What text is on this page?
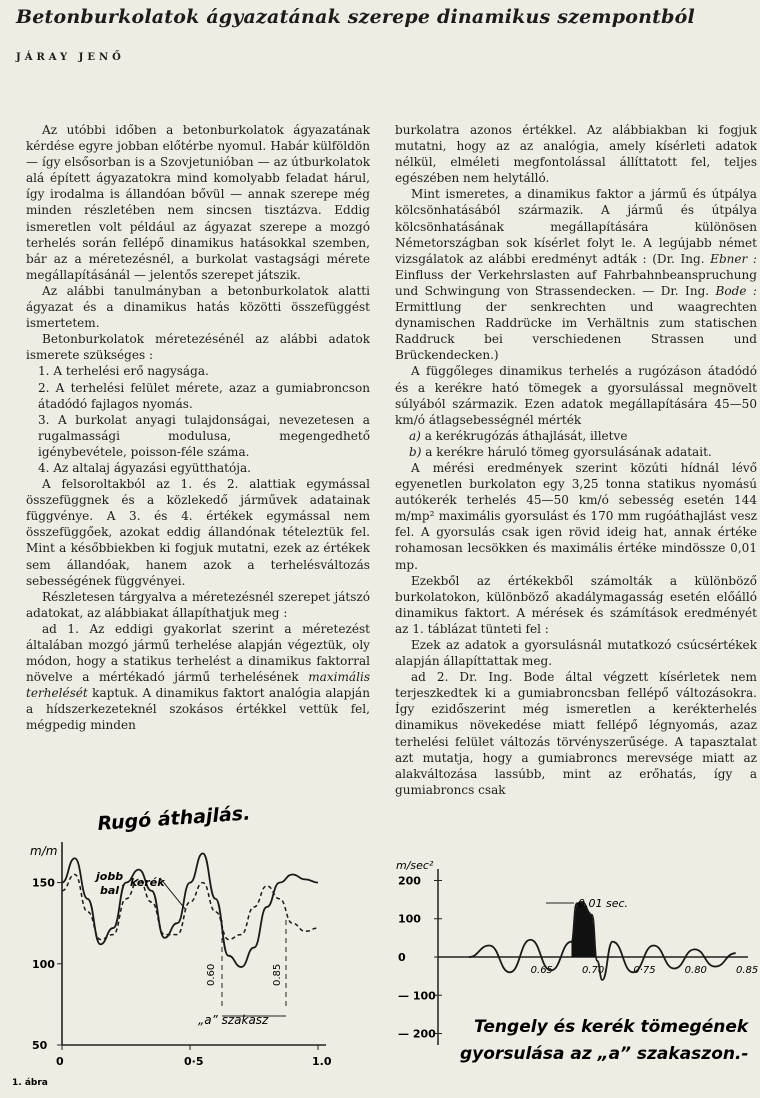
Betonburkolatok ágyazatának szerepe dinamikus szempontból
JÁRAY JENŐ

Az utóbbi időben a betonburkolatok ágyazatának kérdése egyre jobban előtérbe nyomul. Habár külföldön — így elsősorban is a Szovjetunióban — az útburkolatok alá épített ágyazatokra mind komolyabb feladat hárul, így irodalma is állandóan bővül — annak szerepe még minden részletében nem sincsen tisztázva. Eddig ismeretlen volt például az ágyazat szerepe a mozgó terhelés során fellépő dinamikus hatásokkal szemben, bár az a méretezésnél, a burkolat vastagsági mérete megállapításánál — jelentős szerepet játszik.

Az alábbi tanulmányban a betonburkolatok alatti ágyazat és a dinamikus hatás közötti összefüggést ismertetem.

Betonburkolatok méretezésénél az alábbi adatok ismerete szükséges :

1. A terhelési erő nagysága.

2. A terhelési felület mérete, azaz a gumiabroncson átadódó fajlagos nyomás.

3. A burkolat anyagi tulajdonságai, nevezetesen a rugalmassági modulusa, megengedhető igénybevétele, poisson-féle száma.

4. Az altalaj ágyazási együtthatója.

A felsoroltakból az 1. és 2. alattiak egymással összefüggnek és a közlekedő járművek adatainak függvénye. A 3. és 4. értékek egymással nem összefüggőek, azokat eddig állandónak tételeztük fel. Mint a későbbiekben ki fogjuk mutatni, ezek az értékek sem állandóak, hanem azok a terhelésváltozás sebességének függvényei.

Részletesen tárgyalva a méretezésnél szerepet játszó adatokat, az alábbiakat állapíthatjuk meg :

ad 1. Az eddigi gyakorlat szerint a méretezést általában mozgó jármű terhelése alapján végeztük, oly módon, hogy a statikus terhelést a dinamikus faktorral növelve a mértékadó jármű terhelésének maximális terhelését kaptuk. A dinamikus faktort analógia alapján a hídszerkezeteknél szokásos értékkel vettük fel, mégpedig minden

burkolatra azonos értékkel. Az alábbiakban ki fogjuk mutatni, hogy az az analógia, amely kísérleti adatok nélkül, elméleti megfontolással állíttatott fel, teljes egészében nem helytálló.

Mint ismeretes, a dinamikus faktor a jármű és útpálya kölcsönhatásából származik. A jármű és útpálya kölcsönhatásának megállapítására különösen Németországban sok kísérlet folyt le. A legújabb német vizsgálatok az alábbi eredményt adták : (Dr. Ing. Ebner : Einfluss der Verkehrslasten auf Fahrbahnbeanspruchung und Schwingung von Strassendecken. — Dr. Ing. Bode : Ermittlung der senkrechten und waagrechten dynamischen Raddrücke im Verhältnis zum statischen Raddruck bei verschiedenen Strassen und Brückendecken.)

A függőleges dinamikus terhelés a rugózáson átadódó és a kerékre ható tömegek a gyorsulással megnövelt súlyából származik. Ezen adatok megállapítására 45—50 km/ó átlagsebességnél mérték

a) a kerékrugózás áthajlását, illetve

b) a kerékre háruló tömeg gyorsulásának adatait.

A mérési eredmények szerint közúti hídnál lévő egyenetlen burkolaton egy 3,25 tonna statikus nyomású autókerék terhelés 45—50 km/ó sebesség esetén 144 m/mp² maximális gyorsulást és 170 mm rugóáthajlást vesz fel. A gyorsulás csak igen rövid ideig hat, annak értéke rohamosan lecsökken és maximális értéke mindössze 0,01 mp.

Ezekből az értékekből számolták a különböző burkolatokon, különböző akadálymagasság esetén előálló dinamikus faktort. A mérések és számítások eredményét az 1. táblázat tünteti fel :

Ezek az adatok a gyorsulásnál mutatkozó csúcsértékek alapján állapíttattak meg.

ad 2. Dr. Ing. Bode által végzett kísérletek nem terjeszkedtek ki a gumiabroncsban fellépő változásokra. Így ezidőszerint még ismeretlen a kerékterhelés dinamikus növekedése miatt fellépő légnyomás, azaz terhelési felület változás törvényszerűsége. A tapasztalat azt mutatja, hogy a gumiabroncs merevsége miatt az alakváltozása lassúbb, mint az erőhatás, így a gumiabroncs csak

Rugó áthajlás.
m/m
50
100
150
0	0·5	1.0
jobb
bal
kerék
0.60	0.85
„a” szakasz
1. ábra
m/sec²
200
100
0
— 100
— 200
0.65	0.70	0·75	0.80	0.85
0.01 sec.
Tengely és kerék tömegének gyorsulása az „a” szakaszon.-
